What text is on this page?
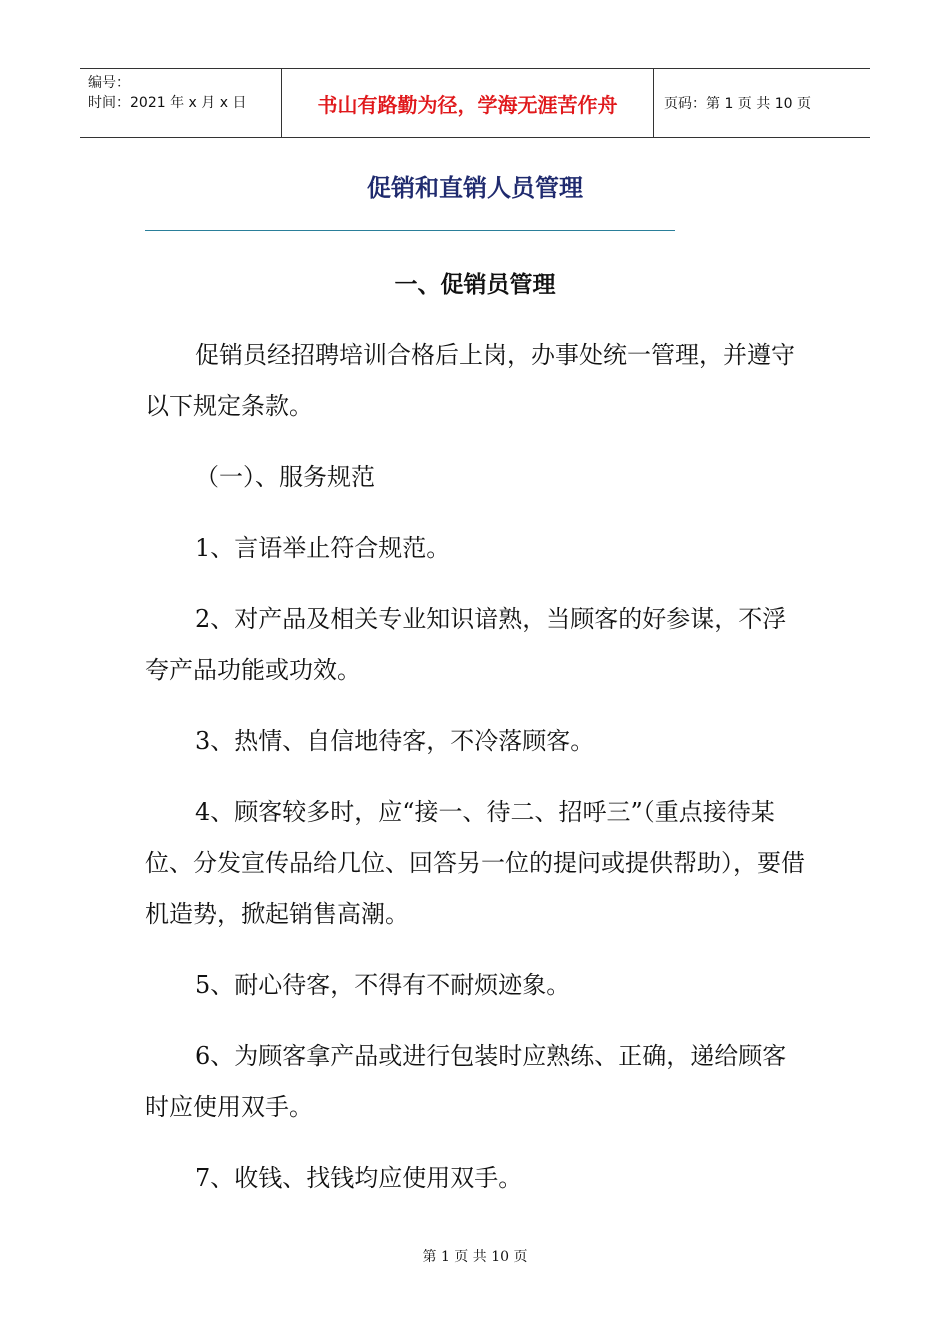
编号：
时间：2021 年 x 月 x 日	书山有路勤为径，学海无涯苦作舟	页码：第 1 页 共 10 页
促销和直销人员管理
一、促销员管理

促销员经招聘培训合格后上岗，办事处统一管理，并遵守以下规定条款。

（一）、服务规范

1、言语举止符合规范。

2、对产品及相关专业知识谙熟，当顾客的好参谋，不浮夸产品功能或功效。

3、热情、自信地待客，不冷落顾客。

4、顾客较多时，应“接一、待二、招呼三”（重点接待某位、分发宣传品给几位、回答另一位的提问或提供帮助），要借机造势，掀起销售高潮。

5、耐心待客，不得有不耐烦迹象。

6、为顾客拿产品或进行包装时应熟练、正确，递给顾客时应使用双手。

7、收钱、找钱均应使用双手。

第 1 页 共 10 页
